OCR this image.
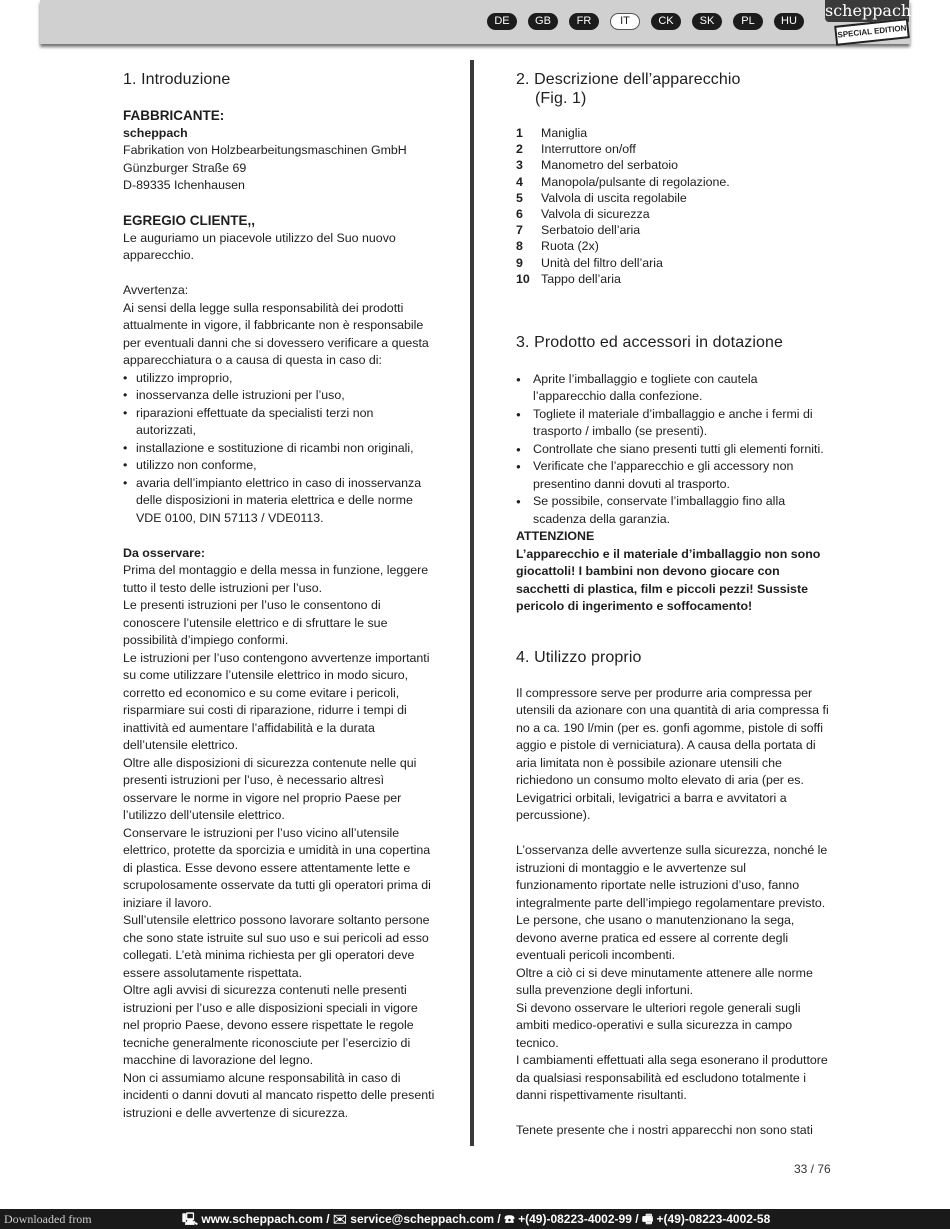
DE	GB	FR	IT	CK	SK	PL	HU
scheppach
SPECIAL EDITION
1. Introduzione

FABBRICANTE:

scheppach

Fabrikation von Holzbearbeitungsmaschinen GmbH

Günzburger Straße 69

D-89335 Ichenhausen

EGREGIO CLIENTE,,

Le auguriamo un piacevole utilizzo del Suo nuovo apparecchio.

Avvertenza:

Ai sensi della legge sulla responsabilità dei prodotti attualmente in vigore, il fabbricante non è responsabile per eventuali danni che si dovessero verificare a questa apparecchiatura o a causa di questa in caso di:

• utilizzo improprio,
• inosservanza delle istruzioni per l’uso,
• riparazioni effettuate da specialisti terzi non autorizzati,
• installazione e sostituzione di ricambi non originali,
• utilizzo non conforme,
• avaria dell’impianto elettrico in caso di inosservanza delle disposizioni in materia elettrica e delle norme VDE 0100, DIN 57113 / VDE0113.

Da osservare:

Prima del montaggio e della messa in funzione, leggere tutto il testo delle istruzioni per l’uso.

Le presenti istruzioni per l’uso le consentono di conoscere l’utensile elettrico e di sfruttare le sue possibilità d’impiego conformi.

Le istruzioni per l’uso contengono avvertenze importanti su come utilizzare l’utensile elettrico in modo sicuro, corretto ed economico e su come evitare i pericoli, risparmiare sui costi di riparazione, ridurre i tempi di inattività ed aumentare l’affidabilità e la durata dell’utensile elettrico.

Oltre alle disposizioni di sicurezza contenute nelle qui presenti istruzioni per l’uso, è necessario altresì osservare le norme in vigore nel proprio Paese per l’utilizzo dell’utensile elettrico.

Conservare le istruzioni per l’uso vicino all’utensile elettrico, protette da sporcizia e umidità in una copertina di plastica. Esse devono essere attentamente lette e scrupolosamente osservate da tutti gli operatori prima di iniziare il lavoro.

Sull’utensile elettrico possono lavorare soltanto persone che sono state istruite sul suo uso e sui pericoli ad esso collegati. L’età minima richiesta per gli operatori deve essere assolutamente rispettata.

Oltre agli avvisi di sicurezza contenuti nelle presenti istruzioni per l’uso e alle disposizioni speciali in vigore nel proprio Paese, devono essere rispettate le regole tecniche generalmente riconosciute per l’esercizio di macchine di lavorazione del legno.

Non ci assumiamo alcune responsabilità in caso di incidenti o danni dovuti al mancato rispetto delle presenti istruzioni e delle avvertenze di sicurezza.

2. Descrizione dell’apparecchio
(Fig. 1)
1	Maniglia
2	Interruttore on/off
3	Manometro del serbatoio
4	Manopola/pulsante di regolazione.
5	Valvola di uscita regolabile
6	Valvola di sicurezza
7	Serbatoio dell’aria
8	Ruota (2x)
9	Unità del filtro dell’aria
10 Tappo dell’aria
3. Prodotto ed accessori in dotazione
● Aprite l’imballaggio e togliete con cautela l’apparecchio dalla confezione.
● Togliete il materiale d’imballaggio e anche i fermi di trasporto / imballo (se presenti).
● Controllate che siano presenti tutti gli elementi forniti.
● Verificate che l’apparecchio e gli accessory non presentino danni dovuti al trasporto.
● Se possibile, conservate l’imballaggio fino alla scadenza della garanzia.

ATTENZIONE

L’apparecchio e il materiale d’imballaggio non sono giocattoli! I bambini non devono giocare con sacchetti di plastica, film e piccoli pezzi! Sussiste pericolo di ingerimento e soffocamento!

4. Utilizzo proprio

Il compressore serve per produrre aria compressa per utensili da azionare con una quantità di aria compressa fi no a ca. 190 l/min (per es. gonfi agomme, pistole di soffi aggio e pistole di verniciatura). A causa della portata di aria limitata non è possibile azionare utensili che richiedono un consumo molto elevato di aria (per es. Levigatrici orbitali, levigatrici a barra e avvitatori a percussione).

L’osservanza delle avvertenze sulla sicurezza, nonché le istruzioni di montaggio e le avvertenze sul funzionamento riportate nelle istruzioni d’uso, fanno integralmente parte dell’impiego regolamentare previsto.

Le persone, che usano o manutenzionano la sega, devono averne pratica ed essere al corrente degli eventuali pericoli incombenti.

Oltre a ciò ci si deve minutamente attenere alle norme sulla prevenzione degli infortuni.

Si devono osservare le ulteriori regole generali sugli ambiti medico-operativi e sulla sicurezza in campo tecnico.

I cambiamenti effettuati alla sega esonerano il produttore da qualsiasi responsabilità ed escludono totalmente i danni rispettivamente risultanti.

Tenete presente che i nostri apparecchi non sono stati

33 / 76
Downloaded from	🖳 www.scheppach.com / ✉ service@scheppach.com / ☎ +(49)-08223-4002-99 / 🖷 +(49)-08223-4002-58
